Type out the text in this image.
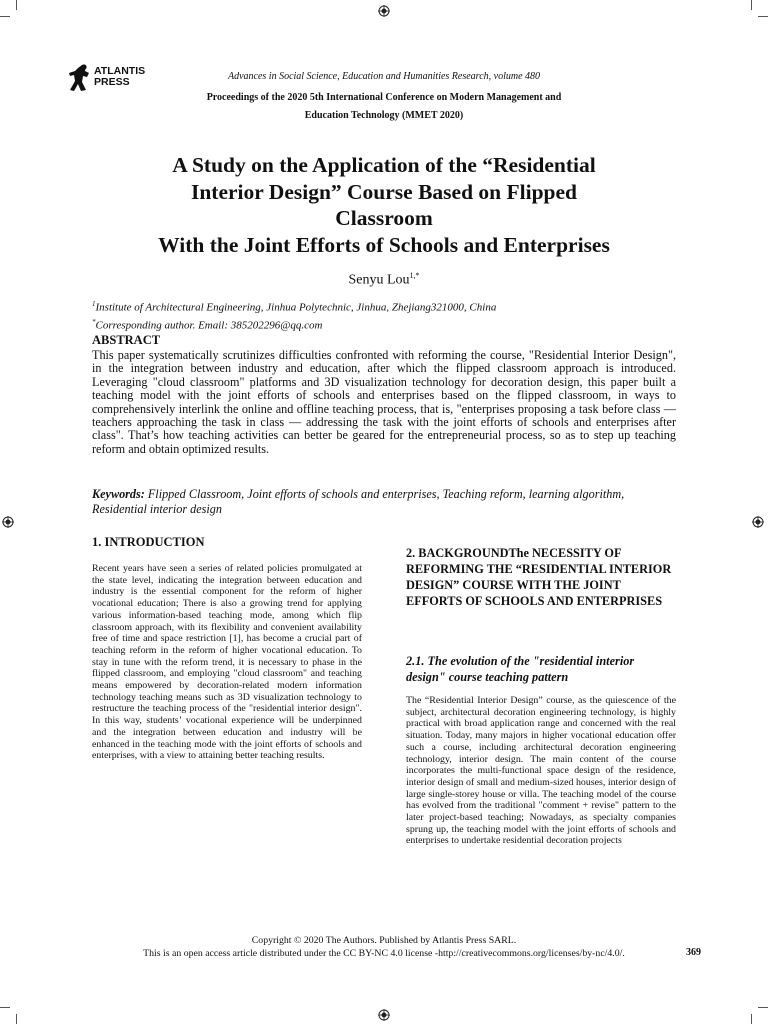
ATLANTIS
PRESS	Advances in Social Science, Education and Humanities Research, volume 480
Proceedings of the 2020 5th International Conference on Modern Management and
Education Technology (MMET 2020)
A Study on the Application of the “Residential
Interior Design” Course Based on Flipped
Classroom
With the Joint Efforts of Schools and Enterprises
Senyu Lou$^{1,*}$
$^1$Institute of Architectural Engineering, Jinhua Polytechnic, Jinhua, Zhejiang321000, China
*Corresponding author. Email: 385202296@qq.com
ABSTRACT
This paper systematically scrutinizes difficulties confronted with reforming the course, "Residential Interior Design", in the integration between industry and education, after which the flipped classroom approach is introduced. Leveraging "cloud classroom" platforms and 3D visualization technology for decoration design, this paper built a teaching model with the joint efforts of schools and enterprises based on the flipped classroom, in ways to comprehensively interlink the online and offline teaching process, that is, "enterprises proposing a task before class — teachers approaching the task in class — addressing the task with the joint efforts of schools and enterprises after class". That’s how teaching activities can better be geared for the entrepreneurial process, so as to step up teaching reform and obtain optimized results.
Keywords: Flipped Classroom, Joint efforts of schools and enterprises, Teaching reform, learning algorithm, Residential interior design
1. INTRODUCTION
Recent years have seen a series of related policies promulgated at the state level, indicating the integration between education and industry is the essential component for the reform of higher vocational education; There is also a growing trend for applying various information-based teaching mode, among which flip classroom approach, with its flexibility and convenient availability free of time and space restriction [1], has become a crucial part of teaching reform in the reform of higher vocational education. To stay in tune with the reform trend, it is necessary to phase in the flipped classroom, and employing "cloud classroom" and teaching means empowered by decoration-related modern information technology teaching means such as 3D visualization technology to restructure the teaching process of the "residential interior design". In this way, students’ vocational experience will be underpinned and the integration between education and industry will be enhanced in the teaching mode with the joint efforts of schools and enterprises, with a view to attaining better teaching results.
2. BACKGROUNDThe NECESSITY OF REFORMING THE “RESIDENTIAL INTERIOR DESIGN” COURSE WITH THE JOINT EFFORTS OF SCHOOLS AND ENTERPRISES
2.1. The evolution of the "residential interior design" course teaching pattern
The “Residential Interior Design” course, as the quiescence of the subject, architectural decoration engineering technology, is highly practical with broad application range and concerned with the real situation. Today, many majors in higher vocational education offer such a course, including architectural decoration engineering technology, interior design. The main content of the course incorporates the multi-functional space design of the residence, interior design of small and medium-sized houses, interior design of large single-storey house or villa. The teaching model of the course has evolved from the traditional "comment + revise" pattern to the later project-based teaching; Nowadays, as specialty companies sprung up, the teaching model with the joint efforts of schools and enterprises to undertake residential decoration projects
Copyright © 2020 The Authors. Published by Atlantis Press SARL.
This is an open access article distributed under the CC BY-NC 4.0 license -http://creativecommons.org/licenses/by-nc/4.0/.	369
